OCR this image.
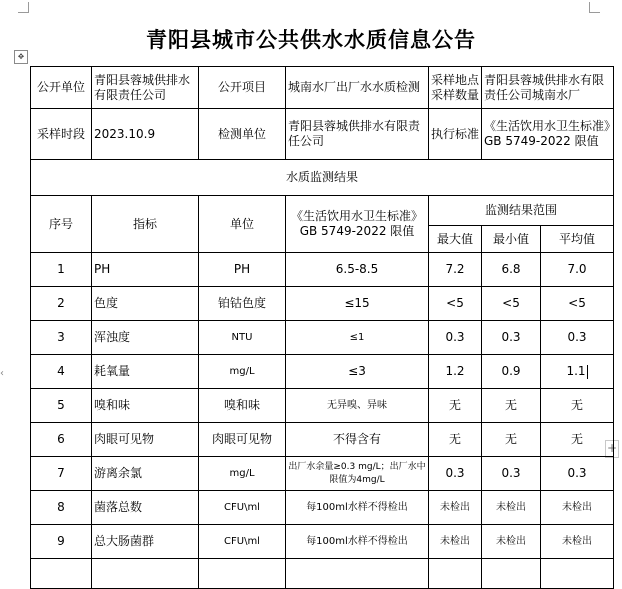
‹
青阳县城市公共供水水质信息公告
✥
+
公开单位	青阳县蓉城供排水有限责任公司	公开项目	城南水厂出厂水水质检测	采样地点采样数量	青阳县蓉城供排水有限责任公司城南水厂	
采样时段	2023.10.9	检测单位	青阳县蓉城供排水有限责任公司	执行标准	《生活饮用水卫生标准》GB 5749-2022 限值	
水质监测结果						
序号	指标	单位	《生活饮用水卫生标准》GB 5749-2022 限值	监测结果范围		
				最大值	最小值	平均值
1	PH	PH	6.5-8.5	7.2	6.8	7.0
2	色度	铂钴色度	≤15	<5	<5	<5
3	浑浊度	NTU	≤1	0.3	0.3	0.3
4	耗氧量	mg/L	≤3	1.2	0.9	1.1
5	嗅和味	嗅和味	无异嗅、异味	无	无	无
6	肉眼可见物	肉眼可见物	不得含有	无	无	无
7	游离余氯	mg/L	出厂水余量≥0.3 mg/L；出厂水中限值为4mg/L	0.3	0.3	0.3
8	菌落总数	CFU\ml	每100ml水样不得检出	未检出	未检出	未检出
9	总大肠菌群	CFU\ml	每100ml水样不得检出	未检出	未检出	未检出
